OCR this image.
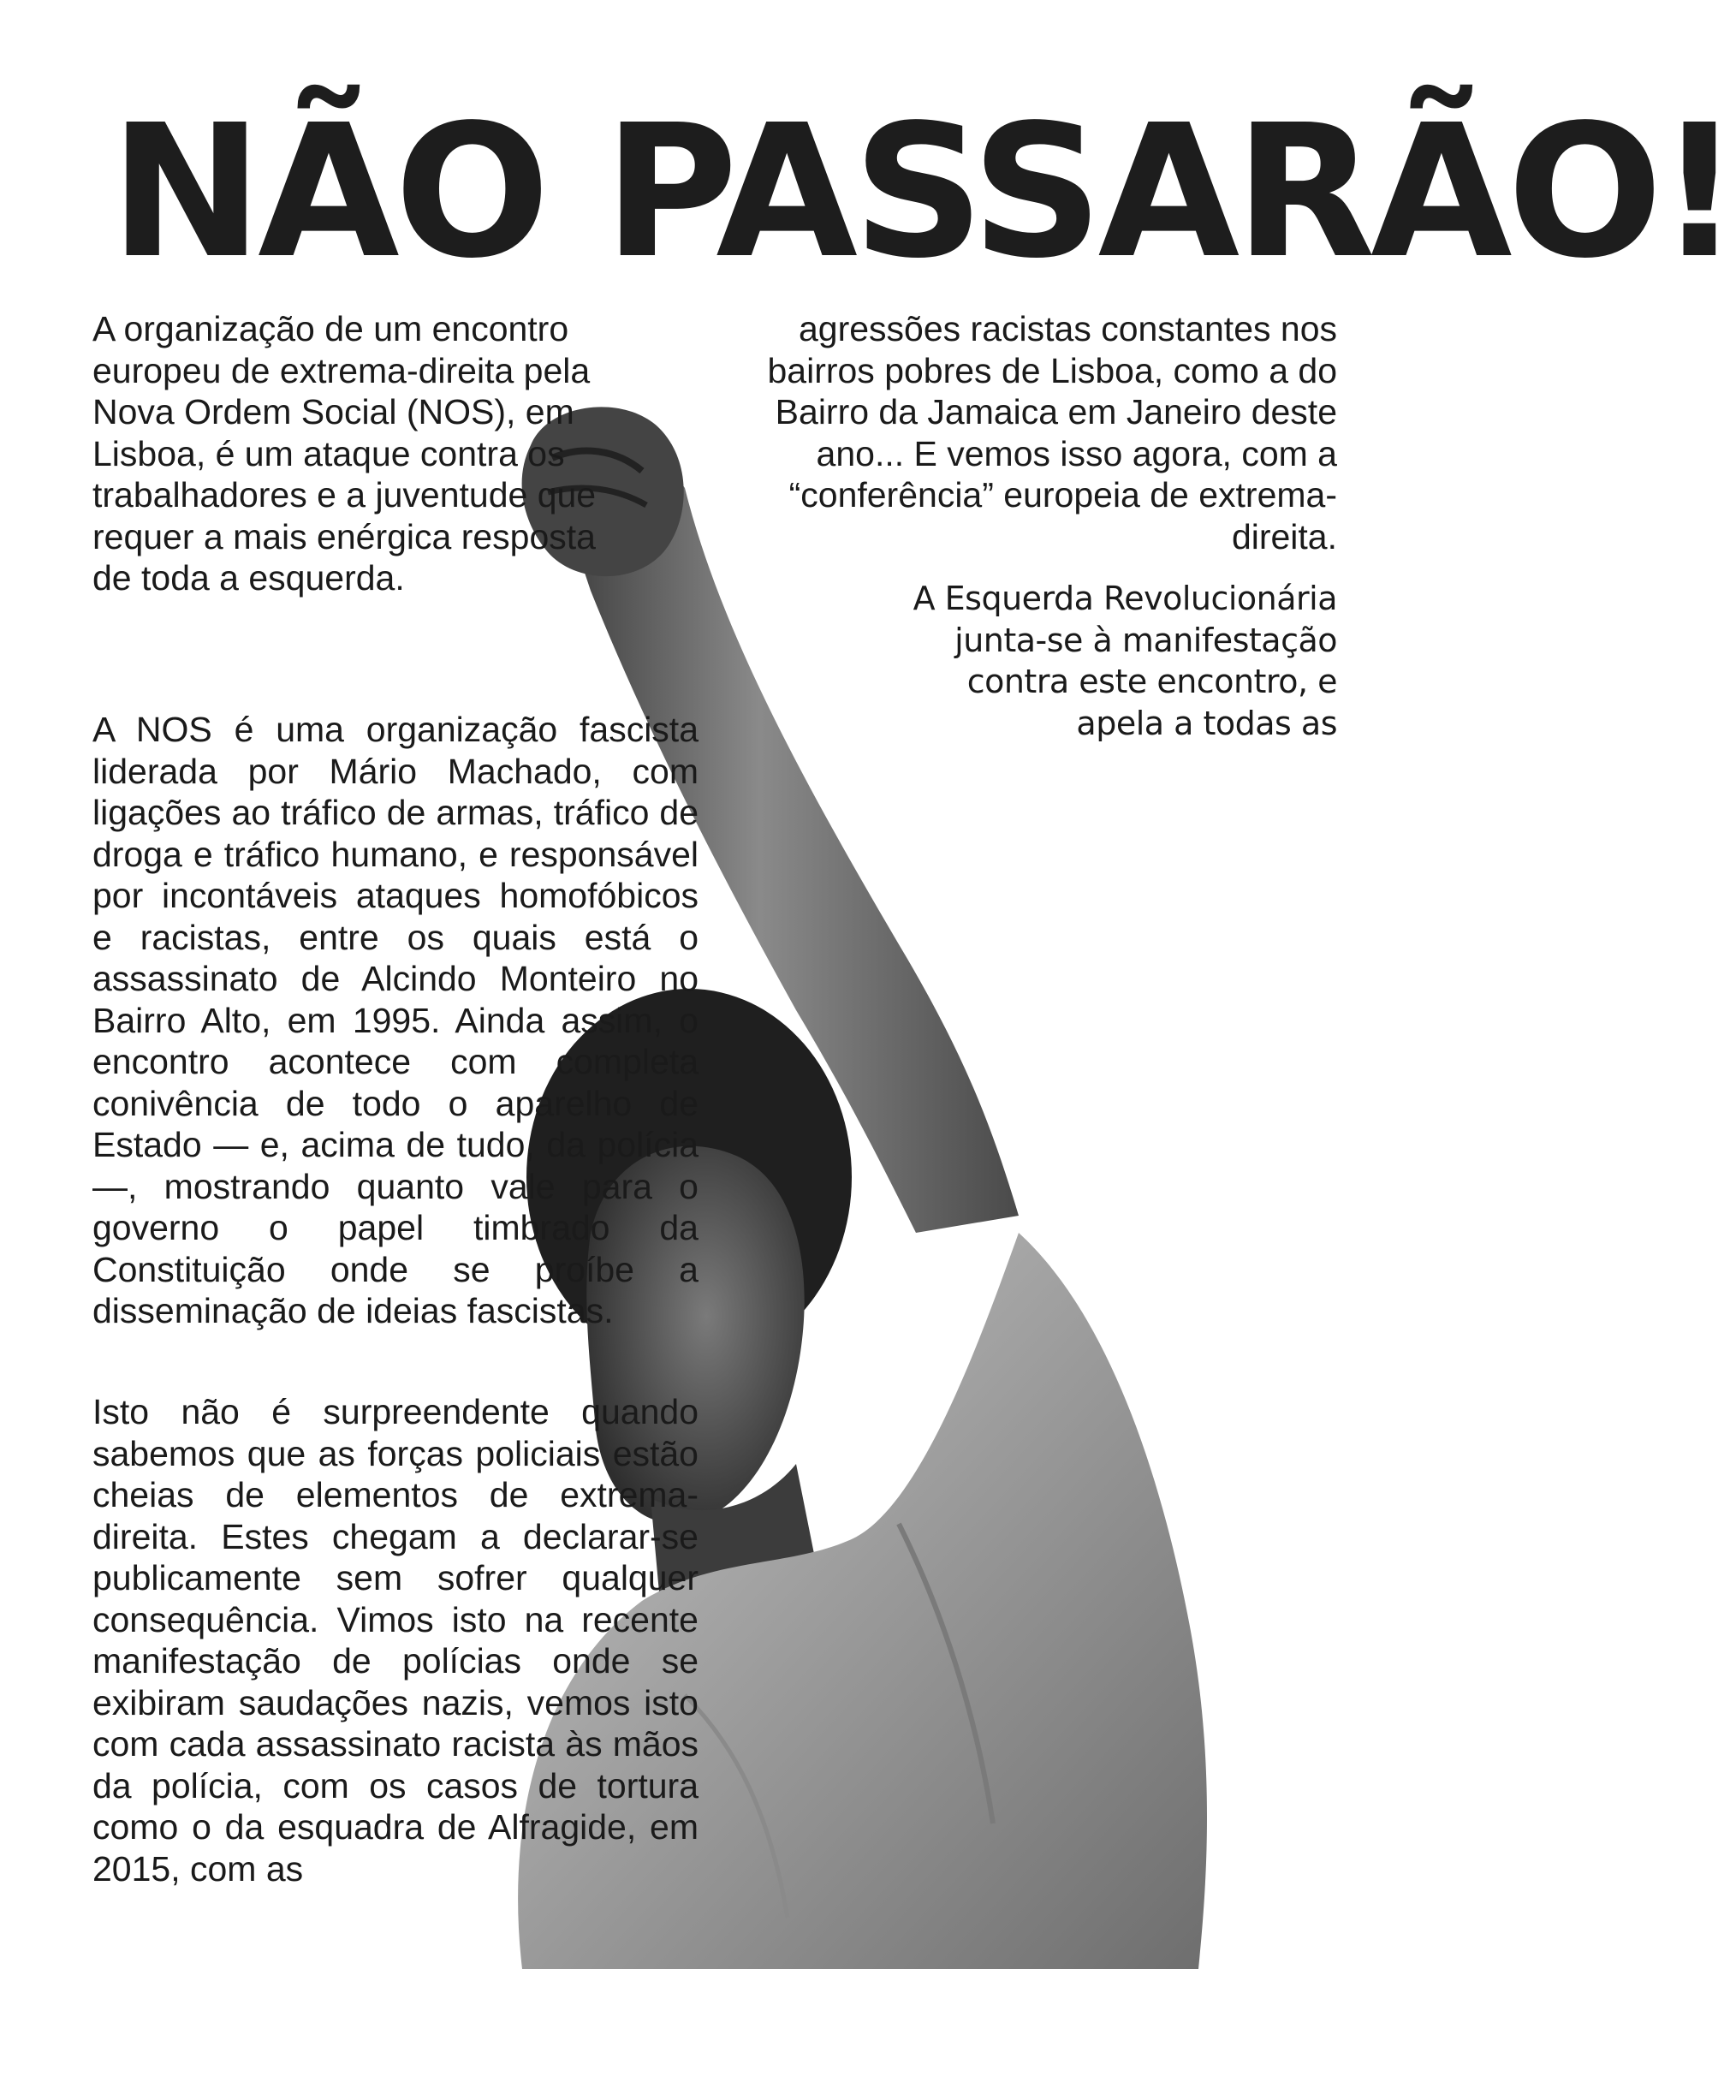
NÃO PASSARÃO!

A organização de um encontro europeu de extrema-direita pela Nova Ordem Social (NOS), em Lisboa, é um ataque contra os trabalhadores e a juventude que requer a mais enérgica resposta de toda a esquerda.

A NOS é uma organização fascista liderada por Mário Machado, com ligações ao tráfico de armas, tráfico de droga e tráfico humano, e responsável por incontáveis ataques homofóbicos e racistas, entre os quais está o assassinato de Alcindo Monteiro no Bairro Alto, em 1995. Ainda assim, o encontro acontece com completa conivência de todo o aparelho de Estado — e, acima de tudo, da polícia —, mostrando quanto vale para o governo o papel timbrado da Constituição onde se proíbe a disseminação de ideias fascistas.

Isto não é surpreendente quando sabemos que as forças policiais estão cheias de elementos de extrema-direita. Estes chegam a declarar-se publicamente sem sofrer qualquer consequência. Vimos isto na recente manifestação de polícias onde se exibiram saudações nazis, vemos isto com cada assassinato racista às mãos da polícia, com os casos de tortura como o da esquadra de Alfragide, em 2015, com as

agressões racistas constantes nos bairros pobres de Lisboa, como a do Bairro da Jamaica em Janeiro deste ano... E vemos isso agora, com a “conferência” europeia de extrema-direita.

A Esquerda Revolucionária junta-se à manifestação contra este encontro, e apela a todas as
